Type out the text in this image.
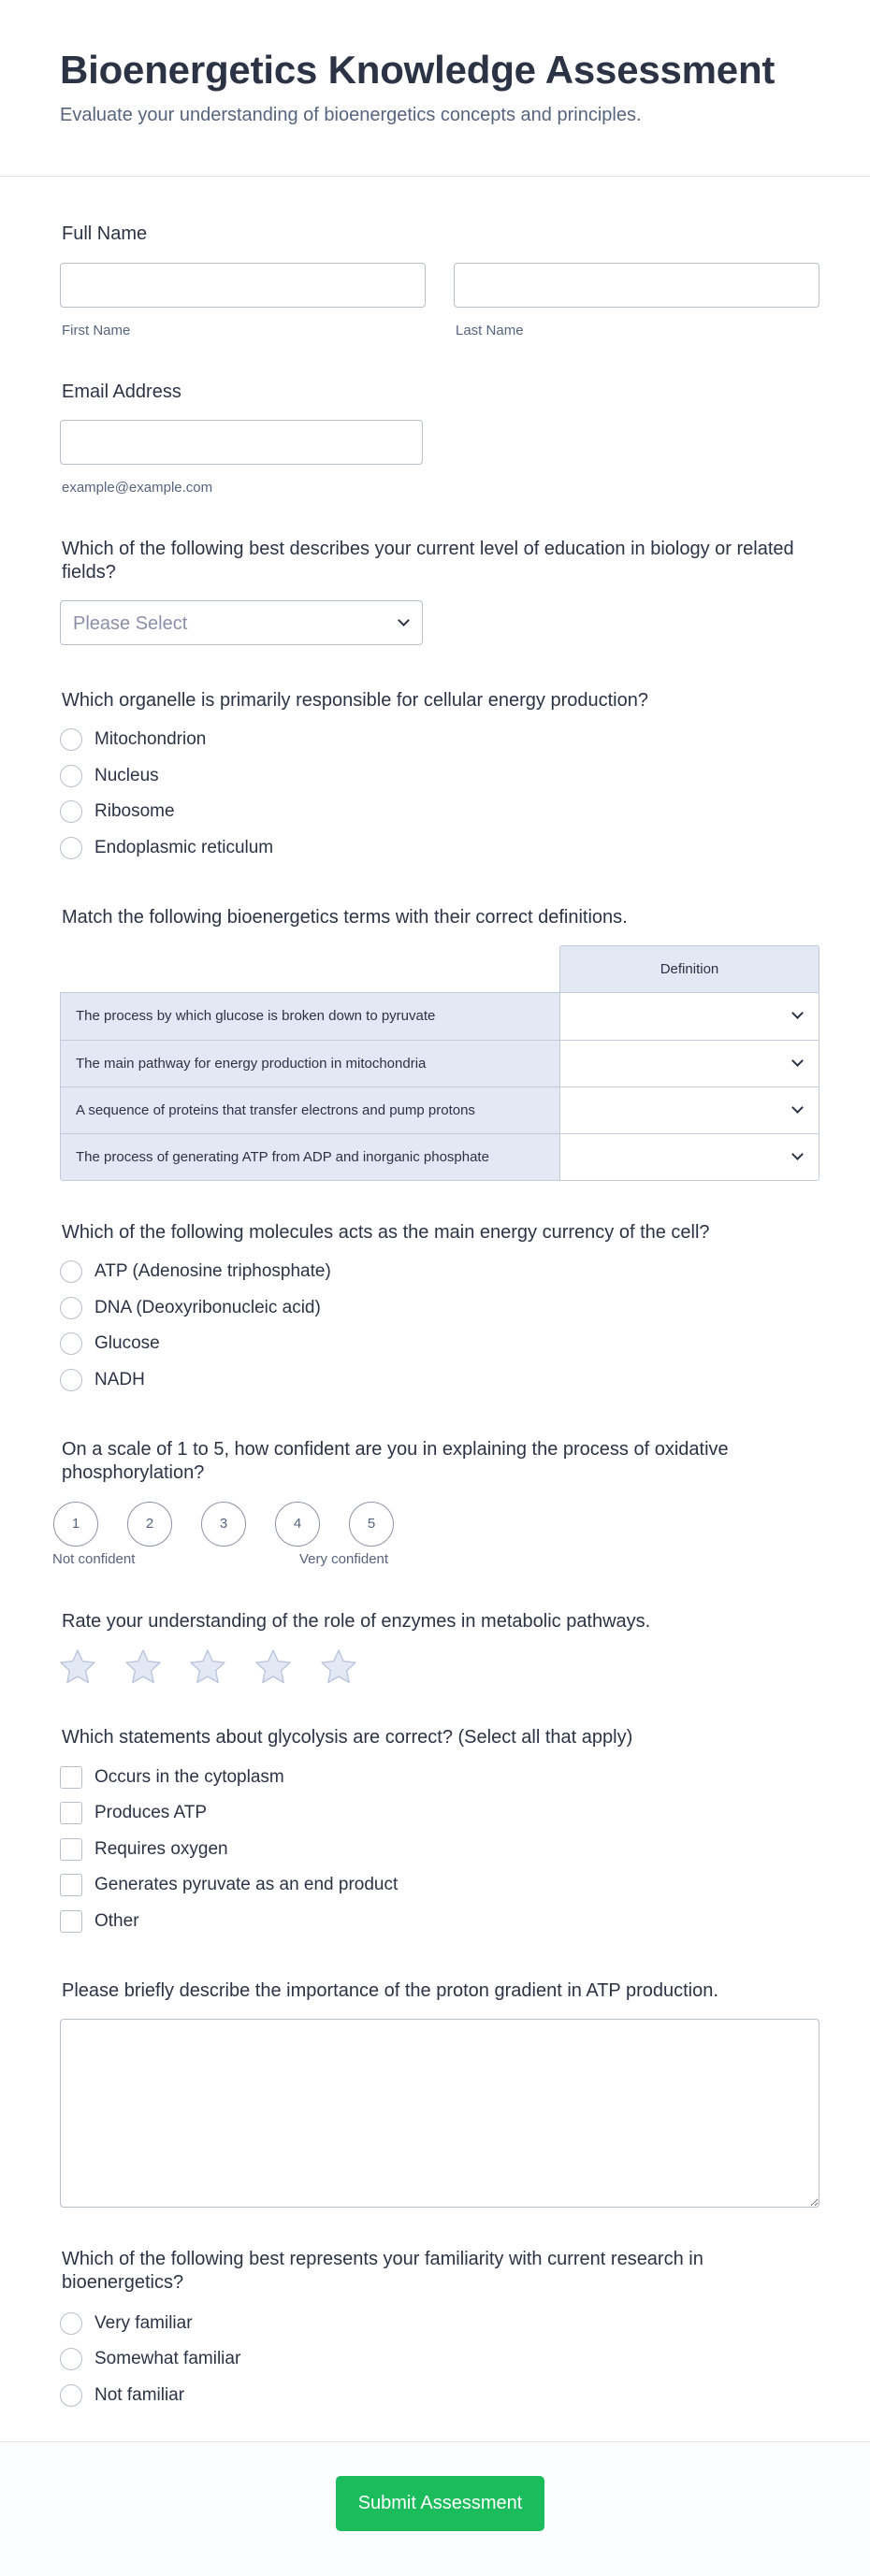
Bioenergetics Knowledge Assessment
Evaluate your understanding of bioenergetics concepts and principles.
Full Name
First Name	Last Name
Email Address
example@example.com
Which of the following best describes your current level of education in biology or related fields?
Please Select
Which organelle is primarily responsible for cellular energy production?
Mitochondrion
Nucleus
Ribosome
Endoplasmic reticulum
Match the following bioenergetics terms with their correct definitions.
Definition
The process by which glucose is broken down to pyruvate
The main pathway for energy production in mitochondria
A sequence of proteins that transfer electrons and pump protons
The process of generating ATP from ADP and inorganic phosphate
Which of the following molecules acts as the main energy currency of the cell?
ATP (Adenosine triphosphate)
DNA (Deoxyribonucleic acid)
Glucose
NADH
On a scale of 1 to 5, how confident are you in explaining the process of oxidative phosphorylation?
1	2	3	4	5
Not confident	Very confident
Rate your understanding of the role of enzymes in metabolic pathways.
Which statements about glycolysis are correct? (Select all that apply)
Occurs in the cytoplasm
Produces ATP
Requires oxygen
Generates pyruvate as an end product
Other
Please briefly describe the importance of the proton gradient in ATP production.
Which of the following best represents your familiarity with current research in bioenergetics?
Very familiar
Somewhat familiar
Not familiar
Submit Assessment
